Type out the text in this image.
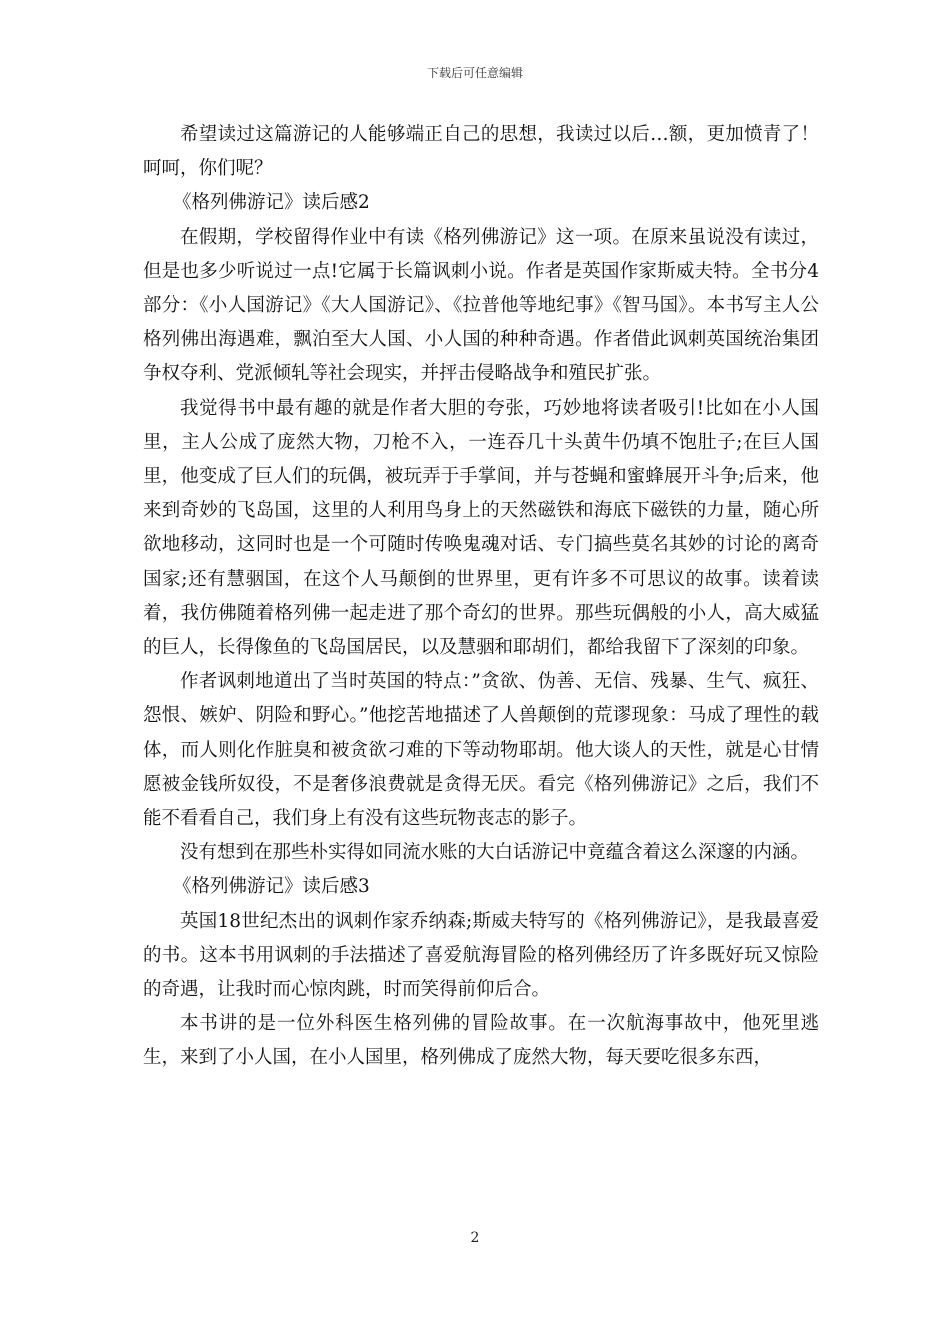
下载后可任意编辑

希望读过这篇游记的人能够端正自己的思想，我读过以后…额，更加愤青了！呵呵，你们呢？

《格列佛游记》读后感2

在假期，学校留得作业中有读《格列佛游记》这一项。在原来虽说没有读过，但是也多少听说过一点!它属于长篇讽刺小说。作者是英国作家斯威夫特。全书分4部分：《小人国游记》《大人国游记》、《拉普他等地纪事》《智马国》。本书写主人公格列佛出海遇难，飘泊至大人国、小人国的种种奇遇。作者借此讽刺英国统治集团争权夺利、党派倾轧等社会现实，并抨击侵略战争和殖民扩张。

我觉得书中最有趣的就是作者大胆的夸张，巧妙地将读者吸引!比如在小人国里，主人公成了庞然大物，刀枪不入，一连吞几十头黄牛仍填不饱肚子;在巨人国里，他变成了巨人们的玩偶，被玩弄于手掌间，并与苍蝇和蜜蜂展开斗争;后来，他来到奇妙的飞岛国，这里的人利用鸟身上的天然磁铁和海底下磁铁的力量，随心所欲地移动，这同时也是一个可随时传唤鬼魂对话、专门搞些莫名其妙的讨论的离奇国家;还有慧骃国，在这个人马颠倒的世界里，更有许多不可思议的故事。读着读着，我仿佛随着格列佛一起走进了那个奇幻的世界。那些玩偶般的小人，高大威猛的巨人，长得像鱼的飞岛国居民，以及慧骃和耶胡们，都给我留下了深刻的印象。

作者讽刺地道出了当时英国的特点：”贪欲、伪善、无信、残暴、生气、疯狂、怨恨、嫉妒、阴险和野心。”他挖苦地描述了人兽颠倒的荒谬现象：马成了理性的载体，而人则化作脏臭和被贪欲刁难的下等动物耶胡。他大谈人的天性，就是心甘情愿被金钱所奴役，不是奢侈浪费就是贪得无厌。看完《格列佛游记》之后，我们不能不看看自己，我们身上有没有这些玩物丧志的影子。

没有想到在那些朴实得如同流水账的大白话游记中竟蕴含着这么深邃的内涵。

《格列佛游记》读后感3

英国18世纪杰出的讽刺作家乔纳森;斯威夫特写的《格列佛游记》，是我最喜爱的书。这本书用讽刺的手法描述了喜爱航海冒险的格列佛经历了许多既好玩又惊险的奇遇，让我时而心惊肉跳，时而笑得前仰后合。

本书讲的是一位外科医生格列佛的冒险故事。在一次航海事故中，他死里逃生，来到了小人国，在小人国里，格列佛成了庞然大物，每天要吃很多东西，

2
